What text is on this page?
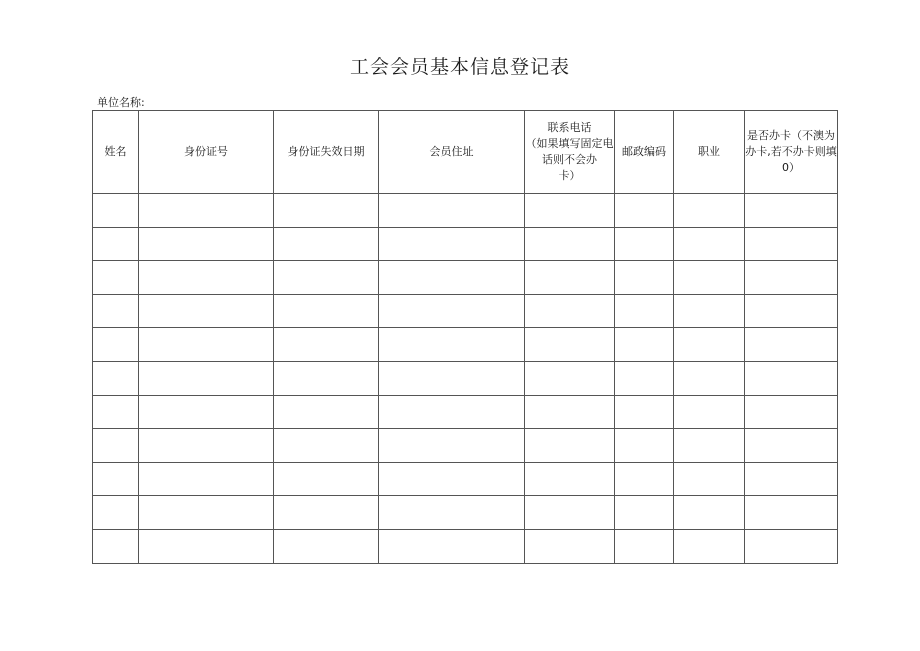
工会会员基本信息登记表
单位名称:
姓名	身份证号	身份证失效日期	会员住址	联系电话
（如果填写固定电
话则不会办
卡）	邮政编码	职业	是否办卡（不澳为
办卡,若不办卡则填
0）
